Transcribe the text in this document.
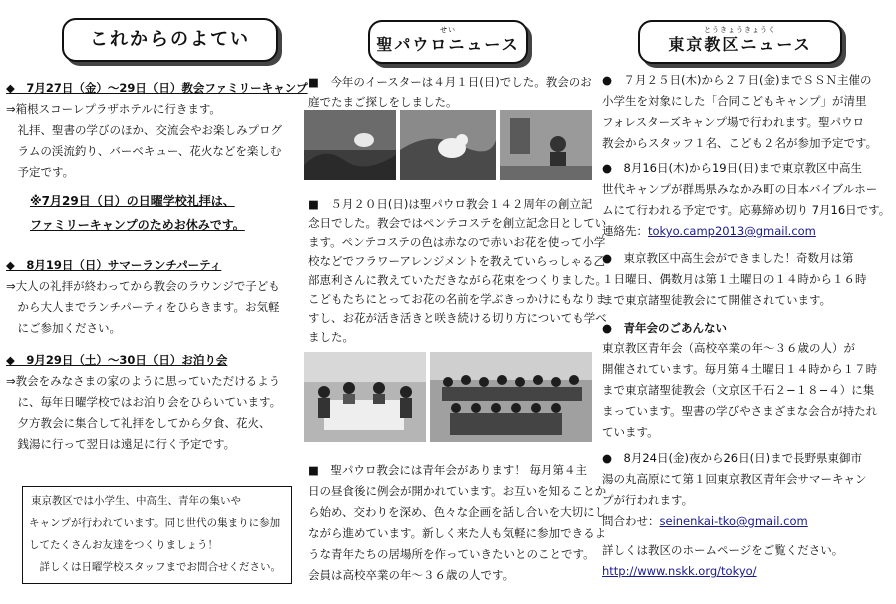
これからのよてい
◆　7月27日（金）～29日（日）教会ファミリーキャンプ
⇒箱根スコーレプラザホテルに行きます。
　礼拝、聖書の学びのほか、交流会やお楽しみプログ
　ラムの渓流釣り、バーベキュー、花火などを楽しむ
　予定です。
※7月29日（日）の日曜学校礼拝は、
ファミリーキャンプのためお休みです。
◆　8月19日（日）サマーランチパーティ
⇒大人の礼拝が終わってから教会のラウンジで子ども
　から大人までランチパーティをひらきます。お気軽
　にご参加ください。
◆　9月29日（土）～30日（日）お泊り会
⇒教会をみなさまの家のように思っていただけるよう
　に、毎年日曜学校ではお泊り会をひらいています。
　夕方教会に集合して礼拝をしてから夕食、花火、
　銭湯に行って翌日は遠足に行く予定です。
東京教区では小学生、中高生、青年の集いや
キャンプが行われています。同じ世代の集まりに参加
してたくさんお友達をつくりましょう！
　詳しくは日曜学校スタッフまでお問合せください。
せい
聖パウロニュース
■　今年のイースターは４月１日(日)でした。教会のお
庭でたまご探しをしました。
■　５月２０日(日)は聖パウロ教会１４２周年の創立記
念日でした。教会ではペンテコステを創立記念日としてい
ます。ペンテコステの色は赤なので赤いお花を使って小学
校などでフラワーアレンジメントを教えていらっしゃる乙
部恵利さんに教えていただきながら花束をつくりました。
こどもたちにとってお花の名前を学ぶきっかけにもなりま
すし、お花が活き活きと咲き続ける切り方についても学べ
ました。
■　聖パウロ教会には青年会があります！ 毎月第４主
日の昼食後に例会が開かれています。お互いを知ることか
ら始め、交わりを深め、色々な企画を話し合いを大切にし
ながら進めています。新しく来た人も気軽に参加できるよ
うな青年たちの居場所を作っていきたいとのことです。
会員は高校卒業の年～３６歳の人です。
とうきょうきょうく
東京教区ニュース
●　７月２５日(木)から２７日(金)までＳＳＮ主催の
小学生を対象にした「合同こどもキャンプ」が清里
フォレスターズキャンプ場で行われます。聖パウロ
教会からスタッフ１名、こども２名が参加予定です。
●　8月16日(木)から19日(日)まで東京教区中高生
世代キャンプが群馬県みなかみ町の日本バイブルホー
ムにて行われる予定です。応募締め切り 7月16日です。
連絡先：tokyo.camp2013@gmail.com
●　東京教区中高生会ができました！奇数月は第
１日曜日、偶数月は第１土曜日の１４時から１６時
まで東京諸聖徒教会にて開催されています。
●　青年会のごあんない
東京教区青年会（高校卒業の年～３６歳の人）が
開催されています。毎月第４土曜日１４時から１７時
まで東京諸聖徒教会（文京区千石２−１８−４）に集
まっています。聖書の学びやさまざまな会合が持たれ
ています。
●　8月24日(金)夜から26日(日)まで長野県東御市
湯の丸高原にて第１回東京教区青年会サマーキャン
プが行われます。
問合わせ：seinenkai-tko@gmail.com
詳しくは教区のホームページをご覧ください。
http://www.nskk.org/tokyo/
